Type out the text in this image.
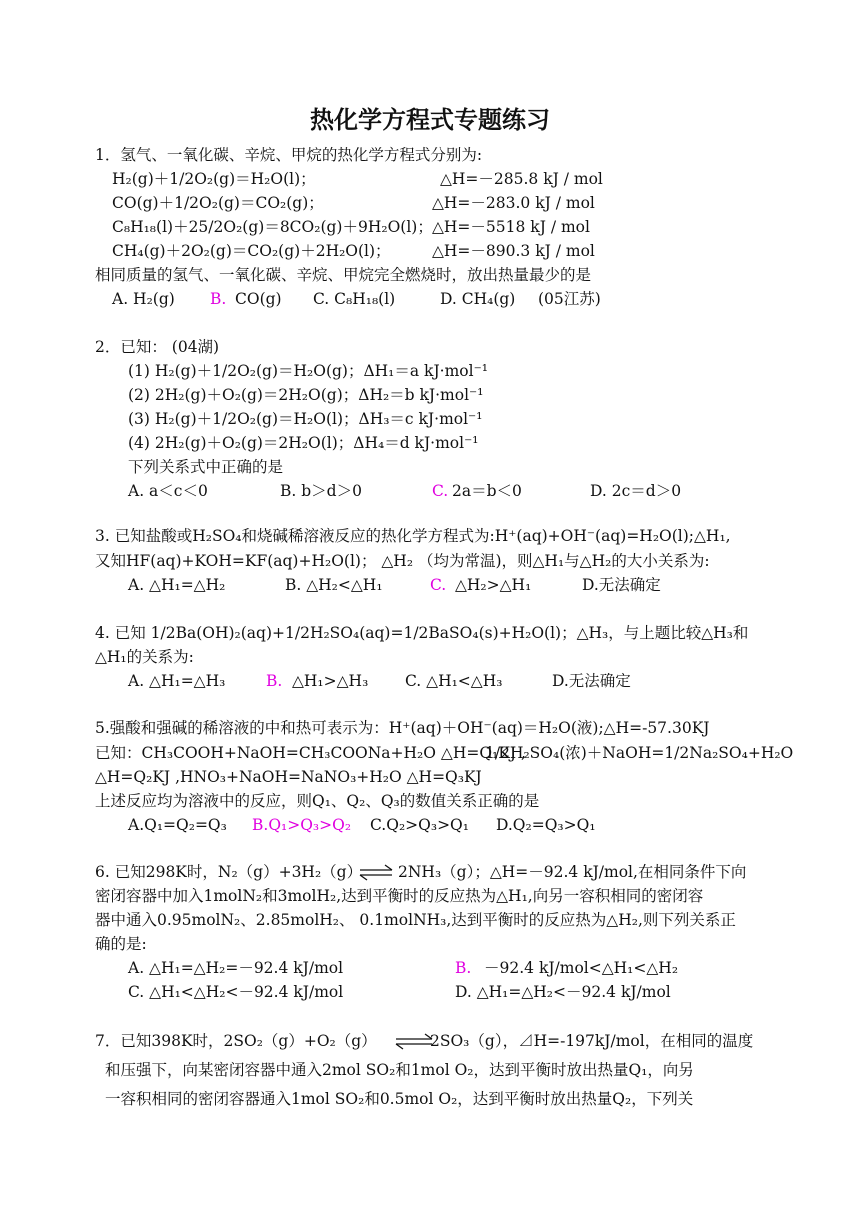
热化学方程式专题练习
1．氢气、一氧化碳、辛烷、甲烷的热化学方程式分别为:
H₂(g)＋1/2O₂(g)＝H₂O(l)；	△H=－285.8 kJ / mol
CO(g)＋1/2O₂(g)＝CO₂(g)；	△H=－283.0 kJ / mol
C₈H₁₈(l)＋25/2O₂(g)＝8CO₂(g)＋9H₂O(l)； △H=－5518 kJ / mol
CH₄(g)＋2O₂(g)＝CO₂(g)＋2H₂O(l)；	△H=－890.3 kJ / mol
相同质量的氢气、一氧化碳、辛烷、甲烷完全燃烧时，放出热量最少的是
A. H₂(g) B. CO(g) C. C₈H₁₈(l)	D. CH₄(g) (05江苏)
2．已知： (04湖)
(1) H₂(g)＋1/2O₂(g)＝H₂O(g)；ΔH₁＝a kJ·mol⁻¹
(2) 2H₂(g)＋O₂(g)＝2H₂O(g)；ΔH₂＝b kJ·mol⁻¹
(3) H₂(g)＋1/2O₂(g)＝H₂O(l)；ΔH₃＝c kJ·mol⁻¹
(4) 2H₂(g)＋O₂(g)＝2H₂O(l)；ΔH₄＝d kJ·mol⁻¹
下列关系式中正确的是
A. a＜c＜0	B. b＞d＞0	C. 2a＝b＜0	D. 2c＝d＞0
3. 已知盐酸或H₂SO₄和烧碱稀溶液反应的热化学方程式为:H⁺(aq)+OH⁻(aq)=H₂O(l);△H₁,
又知HF(aq)+KOH=KF(aq)+H₂O(l)； △H₂ （均为常温)，则△H₁与△H₂的大小关系为:
A. △H₁=△H₂	B. △H₂<△H₁	C. △H₂>△H₁	D.无法确定
4. 已知 1/2Ba(OH)₂(aq)+1/2H₂SO₄(aq)=1/2BaSO₄(s)+H₂O(l)；△H₃，与上题比较△H₃和
△H₁的关系为:
A. △H₁=△H₃	B. △H₁>△H₃ C. △H₁<△H₃	D.无法确定
5.强酸和强碱的稀溶液的中和热可表示为：H⁺(aq)＋OH⁻(aq)＝H₂O(液);△H=-57.30KJ
已知：CH₃COOH+NaOH=CH₃COONa+H₂O △H=Q₁KJ ,
1/2H₂SO₄(浓)＋NaOH=1/2Na₂SO₄+H₂O
△H=Q₂KJ ,HNO₃+NaOH=NaNO₃+H₂O △H=Q₃KJ
上述反应均为溶液中的反应，则Q₁、Q₂、Q₃的数值关系正确的是
A.Q₁=Q₂=Q₃ B.Q₁>Q₃>Q₂ C.Q₂>Q₃>Q₁ D.Q₂=Q₃>Q₁
6. 已知298K时，N₂（g）+3H₂（g） ⇌ 2NH₃（g）；△H=－92.4 kJ/mol,在相同条件下向
密闭容器中加入1molN₂和3molH₂,达到平衡时的反应热为△H₁,向另一容积相同的密闭容
器中通入0.95molN₂、2.85molH₂、 0.1molNH₃,达到平衡时的反应热为△H₂,则下列关系正
确的是:
A. △H₁=△H₂=－92.4 kJ/mol	B. －92.4 kJ/mol<△H₁<△H₂
C. △H₁<△H₂<－92.4 kJ/mol	D. △H₁=△H₂<－92.4 kJ/mol
7．已知398K时，2SO₂（g）+O₂（g） ⇌
2SO₃（g），⊿H=-197kJ/mol，在相同的温度
和压强下，向某密闭容器中通入2mol SO₂和1mol O₂，达到平衡时放出热量Q₁，向另
一容积相同的密闭容器通入1mol SO₂和0.5mol O₂，达到平衡时放出热量Q₂，下列关
